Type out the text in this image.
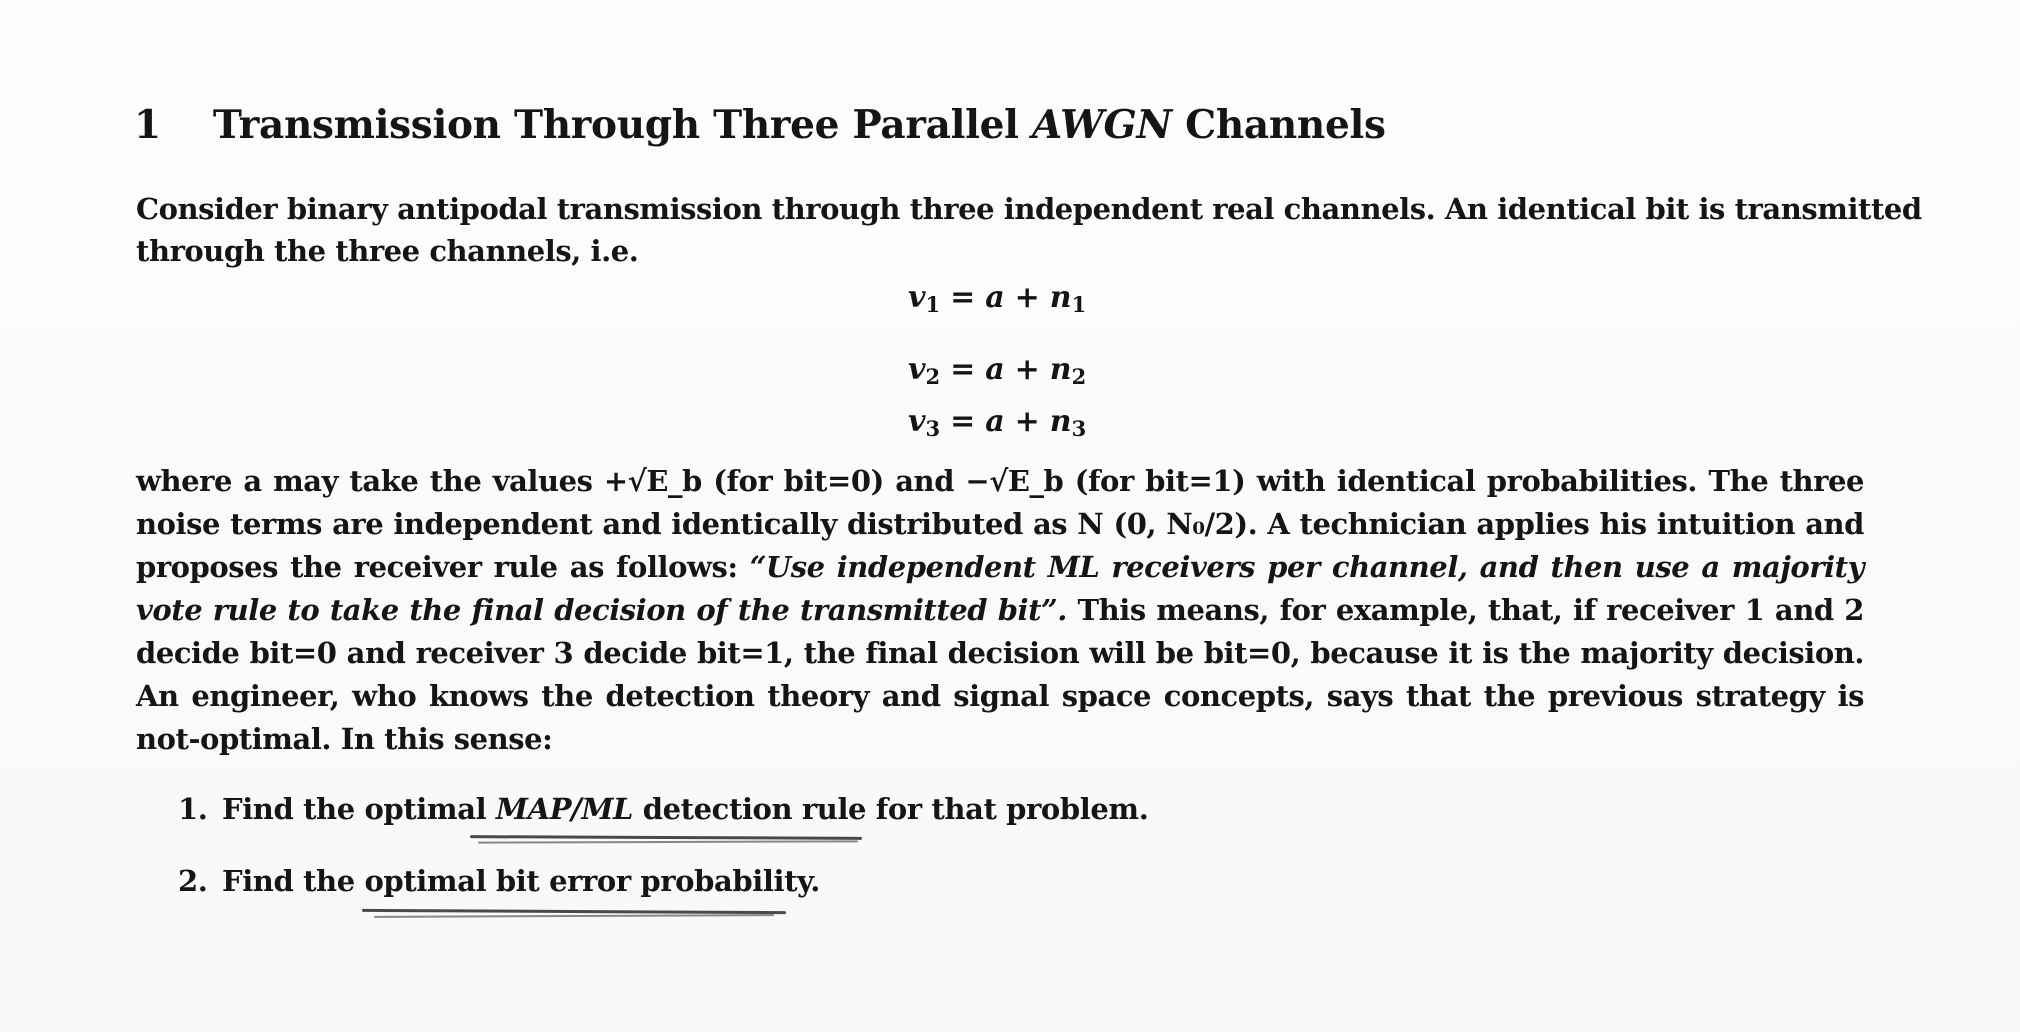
1 Transmission Through Three Parallel AWGN Channels
Consider binary antipodal transmission through three independent real channels. An identical bit is transmitted
through the three channels, i.e.
$v_1 = a + n_1$
$v_2 = a + n_2$
$v_3 = a + n_3$
where a may take the values +√E_b (for bit=0) and −√E_b (for bit=1) with identical probabilities. The three
noise terms are independent and identically distributed as N (0, N₀/2). A technician applies his intuition and
proposes the receiver rule as follows: “Use independent ML receivers per channel, and then use a majority
vote rule to take the final decision of the transmitted bit”. This means, for example, that, if receiver 1 and 2
decide bit=0 and receiver 3 decide bit=1, the final decision will be bit=0, because it is the majority decision.
An engineer, who knows the detection theory and signal space concepts, says that the previous strategy is
not-optimal. In this sense:
1. Find the optimal MAP/ML detection rule for that problem.
2. Find the optimal bit error probability.
